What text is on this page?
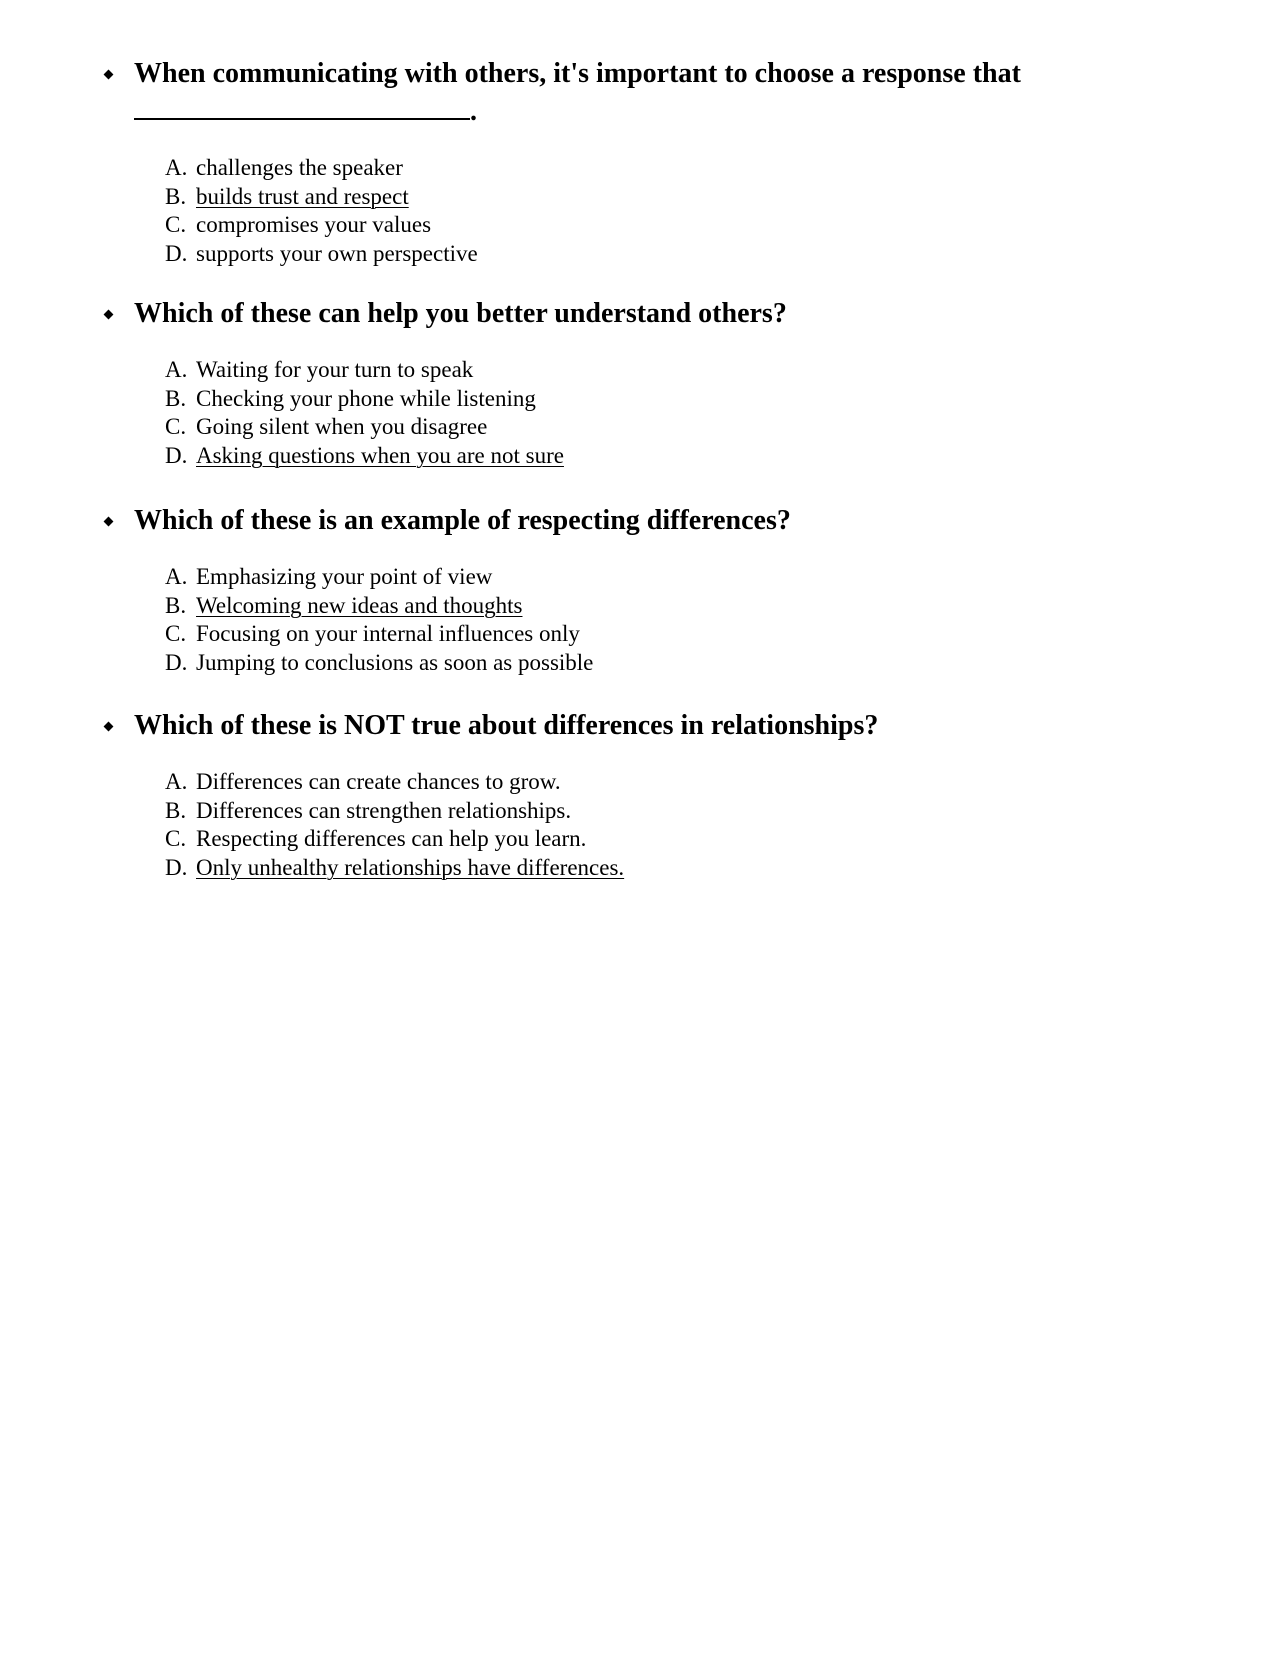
When communicating with others, it's important to choose a response that
.
A. challenges the speaker
B. builds trust and respect
C. compromises your values
D. supports your own perspective
Which of these can help you better understand others?
A. Waiting for your turn to speak
B. Checking your phone while listening
C. Going silent when you disagree
D. Asking questions when you are not sure
Which of these is an example of respecting differences?
A. Emphasizing your point of view
B. Welcoming new ideas and thoughts
C. Focusing on your internal influences only
D. Jumping to conclusions as soon as possible
Which of these is NOT true about differences in relationships?
A. Differences can create chances to grow.
B. Differences can strengthen relationships.
C. Respecting differences can help you learn.
D. Only unhealthy relationships have differences.
